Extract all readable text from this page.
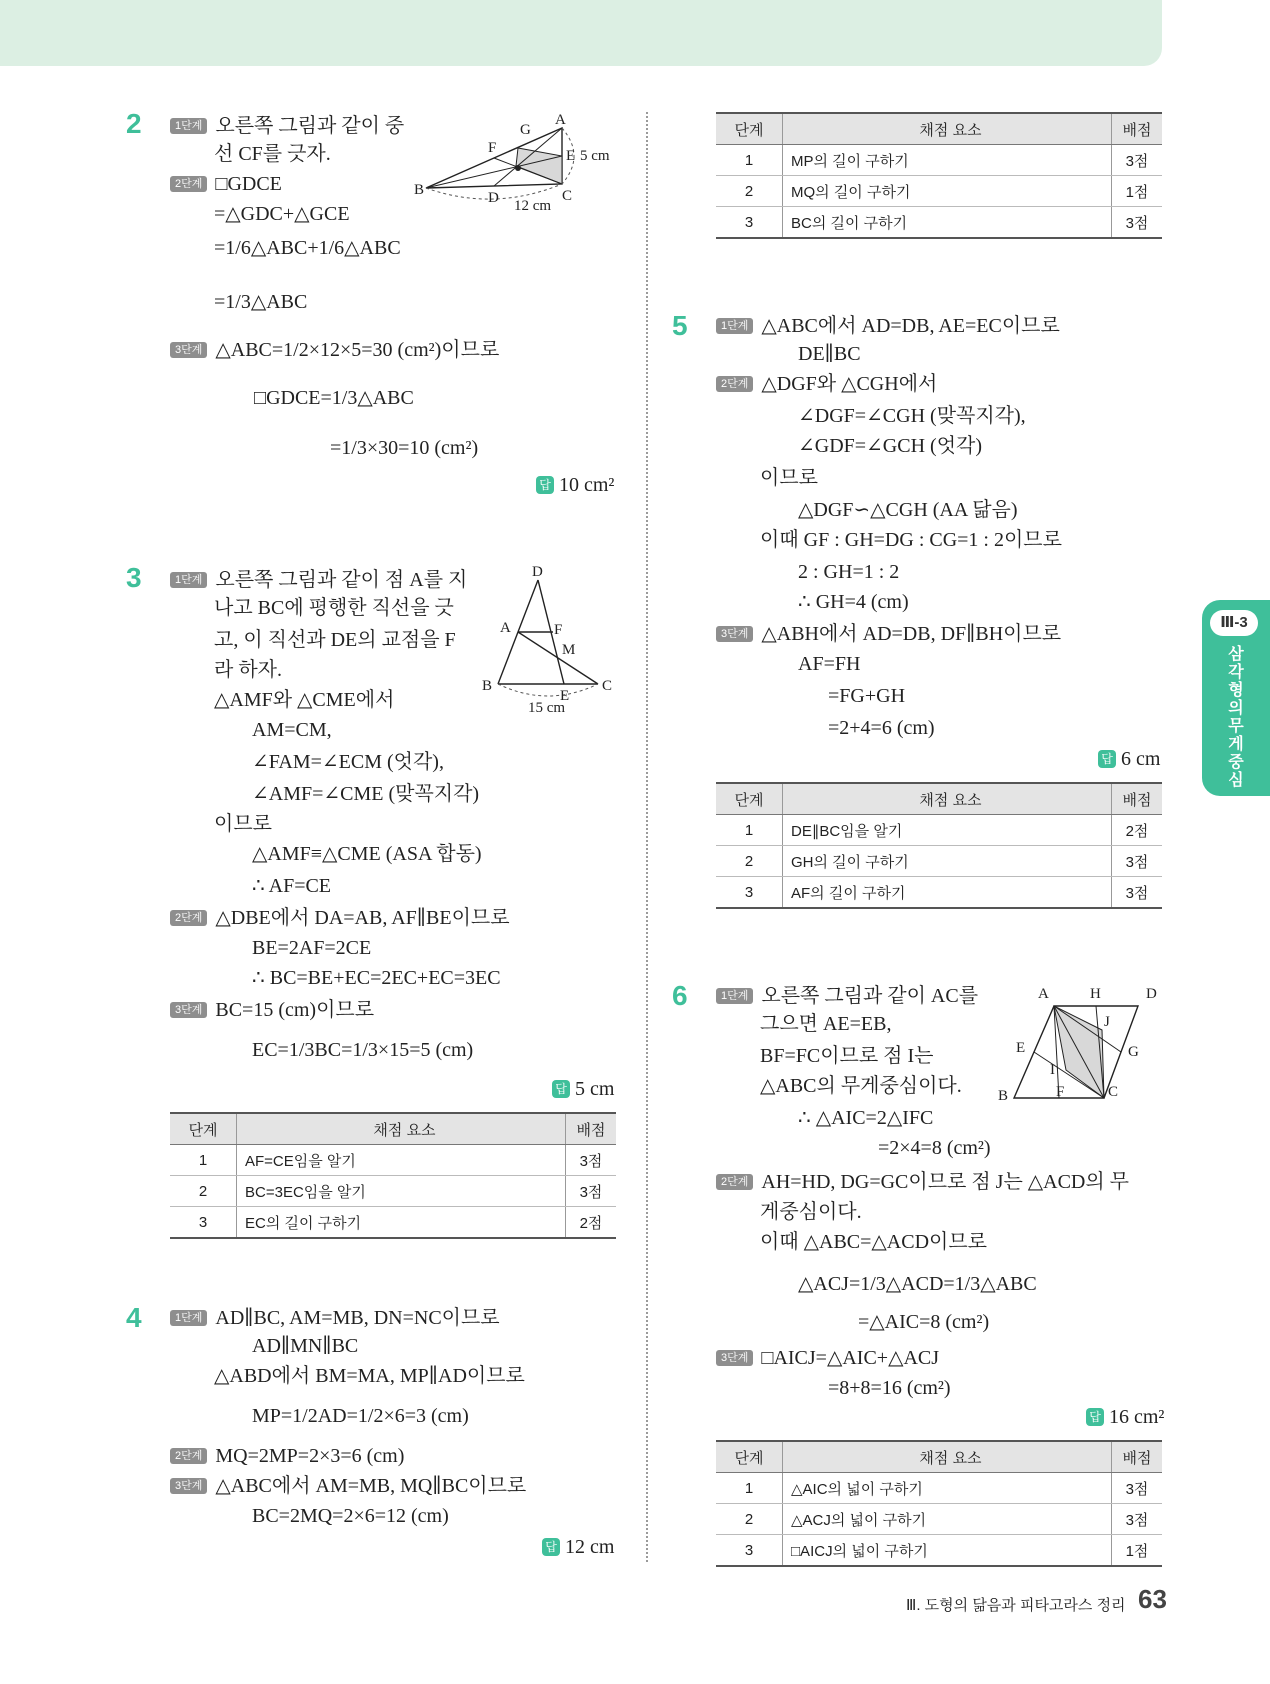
2	1단계 오른쪽 그림과 같이 중
선 CF를 긋자.
2단계 □GDCE
=△GDC+△GCE
=1/6△ABC+1/6△ABC
=1/3△ABC
3단계 △ABC=1/2×12×5=30 (cm²)이므로
□GDCE=1/3△ABC
=1/3×30=10 (cm²)
답 10 cm²
A
B	C
D
E
F
G
5 cm
12 cm
3	1단계 오른쪽 그림과 같이 점 A를 지
나고 BC에 평행한 직선을 긋
고, 이 직선과 DE의 교점을 F
라 하자.
△AMF와 △CME에서
AM=CM,
∠FAM=∠ECM (엇각),
∠AMF=∠CME (맞꼭지각)
이므로
△AMF≡△CME (ASA 합동)
∴ AF=CE
2단계 △DBE에서 DA=AB, AF∥BE이므로
BE=2AF=2CE
∴ BC=BE+EC=2EC+EC=3EC
3단계 BC=15 (cm)이므로
EC=1/3BC=1/3×15=5 (cm)
답 5 cm
D
A	F
M
B	C
E
15 cm
단계	채점 요소	배점
1	AF=CE임을 알기	3점
2	BC=3EC임을 알기	3점
3	EC의 길이 구하기	2점
4	1단계 AD∥BC, AM=MB, DN=NC이므로
AD∥MN∥BC
△ABD에서 BM=MA, MP∥AD이므로
MP=1/2AD=1/2×6=3 (cm)
2단계 MQ=2MP=2×3=6 (cm)
3단계 △ABC에서 AM=MB, MQ∥BC이므로
BC=2MQ=2×6=12 (cm)
답 12 cm
단계	채점 요소	배점
1	MP의 길이 구하기	3점
2	MQ의 길이 구하기	1점
3	BC의 길이 구하기	3점
5	1단계 △ABC에서 AD=DB, AE=EC이므로
DE∥BC
2단계 △DGF와 △CGH에서
∠DGF=∠CGH (맞꼭지각),
∠GDF=∠GCH (엇각)
이므로
△DGF∽△CGH (AA 닮음)
이때 GF : GH=DG : CG=1 : 2이므로
2 : GH=1 : 2
∴ GH=4 (cm)
3단계 △ABH에서 AD=DB, DF∥BH이므로
AF=FH
=FG+GH
=2+4=6 (cm)
답 6 cm
단계	채점 요소	배점
1	DE∥BC임을 알기	2점
2	GH의 길이 구하기	3점
3	AF의 길이 구하기	3점
6	1단계 오른쪽 그림과 같이 AC를
그으면 AE=EB,
BF=FC이므로 점 I는
△ABC의 무게중심이다.
∴ △AIC=2△IFC
=2×4=8 (cm²)
2단계 AH=HD, DG=GC이므로 점 J는 △ACD의 무
게중심이다.
이때 △ABC=△ACD이므로
△ACJ=1/3△ACD=1/3△ABC
=△AIC=8 (cm²)
3단계 □AICJ=△AIC+△ACJ
=8+8=16 (cm²)
답 16 cm²
A	H	D
J
E	G
I
B	F	C
단계	채점 요소	배점
1	△AIC의 넓이 구하기	3점
2	△ACJ의 넓이 구하기	3점
3	□AICJ의 넓이 구하기	1점
Ⅲ-3
삼각형의 무게중심
Ⅲ. 도형의 닮음과 피타고라스 정리 63
